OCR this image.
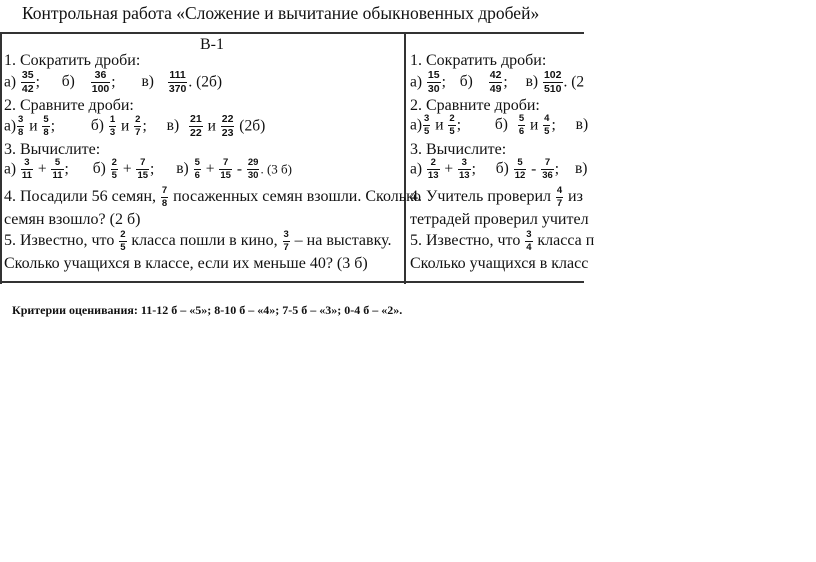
Контрольная работа «Сложение и вычитание обыкновенных дробей»
В-1
1. Сократить дроби:
$а) \frac{35}{42}$ ; $б) \frac{36}{100}$ ; $в) \frac{111}{370}$ . (2б)
2. Сравните дроби:
$а) \frac{3}{8}$ и $\frac{5}{8}$ ; $б) \frac{1}{3}$ и $\frac{2}{7}$ ; $в) \frac{21}{22}$ и $\frac{22}{23} (2б)$
3. Вычислите:
$а) \frac{3}{11} + \frac{5}{11}$ ; $б) \frac{2}{5} + \frac{7}{15}$ ; $в) \frac{5}{6} + \frac{7}{15} - \frac{29}{30}$ . (3 б)
4. Посадили 56 семян, $\frac{7}{8}$ посаженных семян взошли. Сколько
семян взошло? (2 б)
5. Известно, что $\frac{2}{5}$ класса пошли в кино, $\frac{3}{7}$ – на выставку.
Сколько учащихся в классе, если их меньше 40? (3 б)
1. Сократить дроби:
$а) \frac{15}{30}$ ; $б) \frac{42}{49}$ ; $в) \frac{102}{510}$ . (2
2. Сравните дроби:
$а) \frac{3}{5}$ и $\frac{2}{5}$ ; $б) \frac{5}{6}$ и $\frac{4}{5}$ ; в)
3. Вычислите:
$а) \frac{2}{13} + \frac{3}{13}$ ; $б) \frac{5}{12} - \frac{7}{36}$ ; в)
4. Учитель проверил $\frac{4}{7}$ из
тетрадей проверил учител
5. Известно, что $\frac{3}{4}$ класса п
Сколько учащихся в класс
Критерии оценивания: 11-12 б – «5»; 8-10 б – «4»; 7-5 б – «3»; 0-4 б – «2».
